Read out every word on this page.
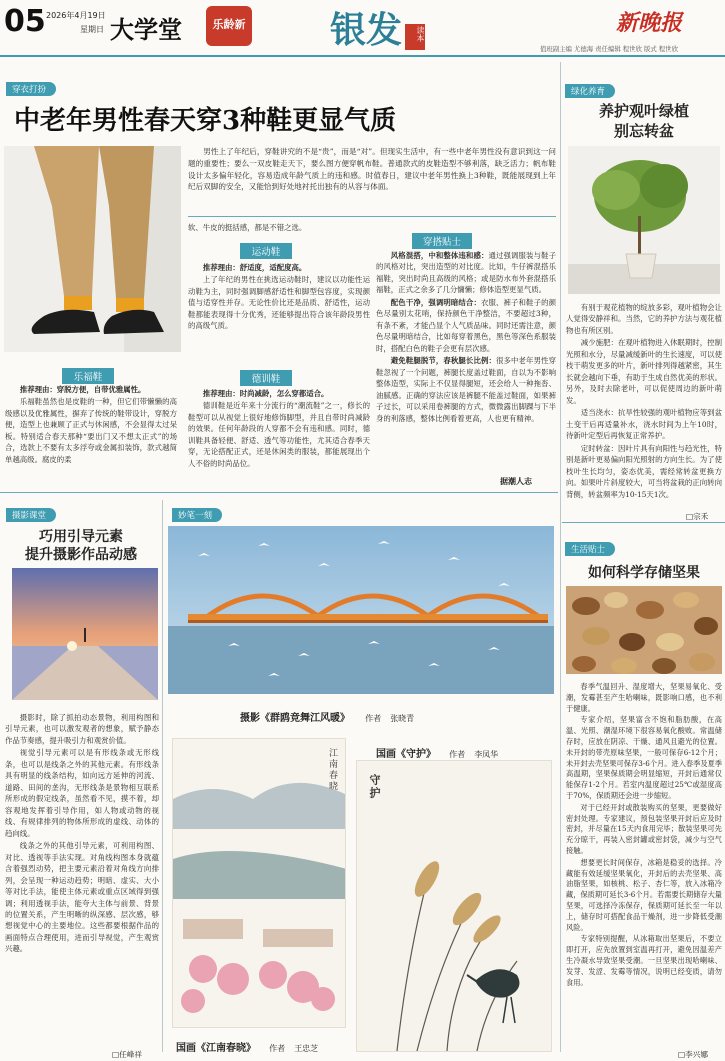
05 2026年4月19日
星期日 大学堂	乐龄新 银发	读本	新晚报
值班副主编 尤德海 责任编辑 程世欣 版式 程世欣
穿衣打扮
中老年男性春天穿3种鞋更显气质

男性上了年纪后，穿鞋讲究的不是“贵”，而是“对”。但现实生活中，有一些中老年男性没有意识到这一问题的重要性；要么一双皮鞋走天下，要么图方便穿帆布鞋。普通款式的皮鞋造型不够利落，缺乏活力；帆布鞋设计太多偏年轻化，容易造成年龄气质上的违和感。时值春日，建议中老年男性换上3种鞋，既能展现到上年纪后双脚的安全，又能恰到好处地衬托出独有的从容与体面。

乐福鞋

推荐理由：穿脱方便，自带优雅属性。

乐福鞋虽然也是皮鞋的一种，但它们带懒懒的高级感以及优雅属性，摒弃了传统的鞋带设计，穿脱方便，造型上也兼顾了正式与休闲感，不会显得太过呆板。特别适合春天那种“要出门又不想太正式”的场合，选款上不要有太多浮夸或金属扣装饰，款式越简单越高级。腐皮的柔

软、牛皮的挺括感，都是不错之选。

运动鞋

推荐理由：舒适度，适配度高。

上了年纪的男性在挑选运动鞋时，建议以功能性运动鞋为主，同时强调脚感舒适性和脚型包容度，实现颜值与适穿性并存。无论性价比还是品质、舒适性，运动鞋都能表现得十分优秀，还能够提出符合该年龄段男性的高级气质。

德训鞋

推荐理由：时尚减龄，怎么穿都适合。

德训鞋是近年来十分流行的“潮流鞋”之一，修长的鞋型可以从视觉上很好地修饰脚型，并且自带时尚减龄的效果。任何年龄段的人穿都不会有违和感。同时，德训鞋具备轻便、舒适、透气等功能性，尤其适合春季天穿，无论搭配正式，还是休闲类的服装，都能展现出个人不俗的时尚品位。

穿搭贴士

风格混搭，中和整体违和感：通过强调服装与鞋子的风格对比，突出造型的对比度。比如，牛仔裤混搭乐福鞋，突出时尚且高级的风格；或是防水布外套混搭乐福鞋，正式之余多了几分慵懒；修体造型更显气质。

配色干净，强调明暗结合：衣服、裤子和鞋子的颜色尽量别太花哨，保持颜色干净整洁，不要超过3种，有条不紊，才能凸显个人气质品味。同时还需注意，颜色尽量明暗结合，比如每穿着黑色，黑色等深色系服装时，搭配白色的鞋子会更有层次感。

避免鞋腿脱节，春秋腿长比例：很多中老年男性穿鞋忽视了一个问题，裤腿长度盖过鞋面，自以为不影响整体造型，实际上不仅显得腿短，还会给人一种拖沓、油腻感。正确的穿法应该是裤腿不能盖过鞋面，如果裤子过长，可以采用卷裤腿的方式，微微露出脚踝与下半身的利落感，整体比例看着更高，人也更有精神。

据潮人志
绿化养育
养护观叶绿植
别忘转盆

有别于观花植物的绽放多彩，观叶植物会让人觉得安静祥和。当然，它的养护方法与观花植物也有所区别。

减少施肥：在观叶植物进入休眠期时，控制光照和水分，尽量减缓新叶的生长速度，可以使枝干萌发更多的叶片，新叶排列得越紧密，其生长就会越向下垂，有助于生成自然优美的形状。另外，及时去除老叶，可以促使周边的新叶萌发。

适当浇水：抗旱性较强的观叶植物应等到盆土变干后再适量补水，浇水时间为上午10时，待新叶定型后再恢复正常养护。

定时转盆：因叶片具有向阳性与趋光性，特别是新叶更易偏向阳光照射的方向生长。为了使枝叶生长均匀，姿态优美，需经常转盆更换方向。如果叶片斜度较大，可当将盆栽的正向转向背侧，转盆频率为10-15天1次。

□宗禾
生活贴士
如何科学存储坚果

春季气温回升、湿度增大，坚果易氧化、受潮，发霉甚至产生哈喇味，既影响口感，也不利于健康。

专家介绍，坚果富含不饱和脂肪酸，在高温、光照、潮湿环境下很容易氧化酸败。常温储存时，应放在阴凉、干燥、通风且避光的位置。未开封的带壳原味坚果，一般可保存6-12个月；未开封去壳坚果可保存3-6个月。进入春季及夏季高温期，坚果保质期会明显缩短，开封后通常仅能保存1-2个月。若室内温度超过25℃或湿度高于70%，保质期还会进一步缩短。

对于已经开封或散装购买的坚果，更要做好密封处理。专家建议，预包装坚果开封后应及时密封，并尽量在15天内食用完毕；散装坚果可先充分晾干，再装入密封罐或密封袋，减少与空气接触。

想要更长时间保存，冰箱是稳妥的选择。冷藏能有效延缓坚果氧化，开封后的去壳坚果、高油脂坚果，如核桃、松子、杏仁等，放入冰箱冷藏，保质期可延长3-6个月。若需要长期储存大量坚果，可选择冷冻保存，保质期可延长至一年以上，储存时可搭配食品干燥剂，进一步降低受潮风险。

专家特别提醒，从冰箱取出坚果后，不要立即打开，应先放置到室温再打开，避免因温差产生冷凝水导致坚果受潮。一旦坚果出现哈喇味、发芽、发涩、发霉等情况，说明已经变质，请勿食用。

□李兴娜
摄影课堂
巧用引导元素
提升摄影作品动感

摄影时，除了抓拍动态景物，利用构图和引导元素，也可以激发观者的想象，赋予静态作品节奏感，提升吸引力和观赏价值。

视觉引导元素可以是有形线条或无形线条，也可以是线条之外的其他元素。有形线条具有明显的线条结构，如向远方延伸的河流、道路、田间的垄沟，无形线条是景物相互联系所形成的假定线条，虽然看不见，摸不着，却容观地发挥着引导作用，如人物或动物的视线、有规律排列的物体所形成的虚线、动体的趋向线。

线条之外的其他引导元素，可利用构图、对比、透视等手法实现。对角线构图本身就蕴含着强烈动势，把主要元素沿着对角线方向排列，会呈现一种运动趋势；明暗、虚实、大小等对比手法，能使主体元素或重点区域得到强调；利用透视手法，能夸大主体与前景、背景的位置关系，产生明晰的纵深感、层次感，够想视觉中心的主要地位。这些都要根据作品的画面特点合理使用，进而引导视觉，产生观赏兴趣。

□任峰祥
妙笔一刻
摄影《群鸥竞舞江风暖》 作者 张晓青
江南春晓
国画《江南春晓》 作者 王忠芝
国画《守护》 作者 李凤华
守护
